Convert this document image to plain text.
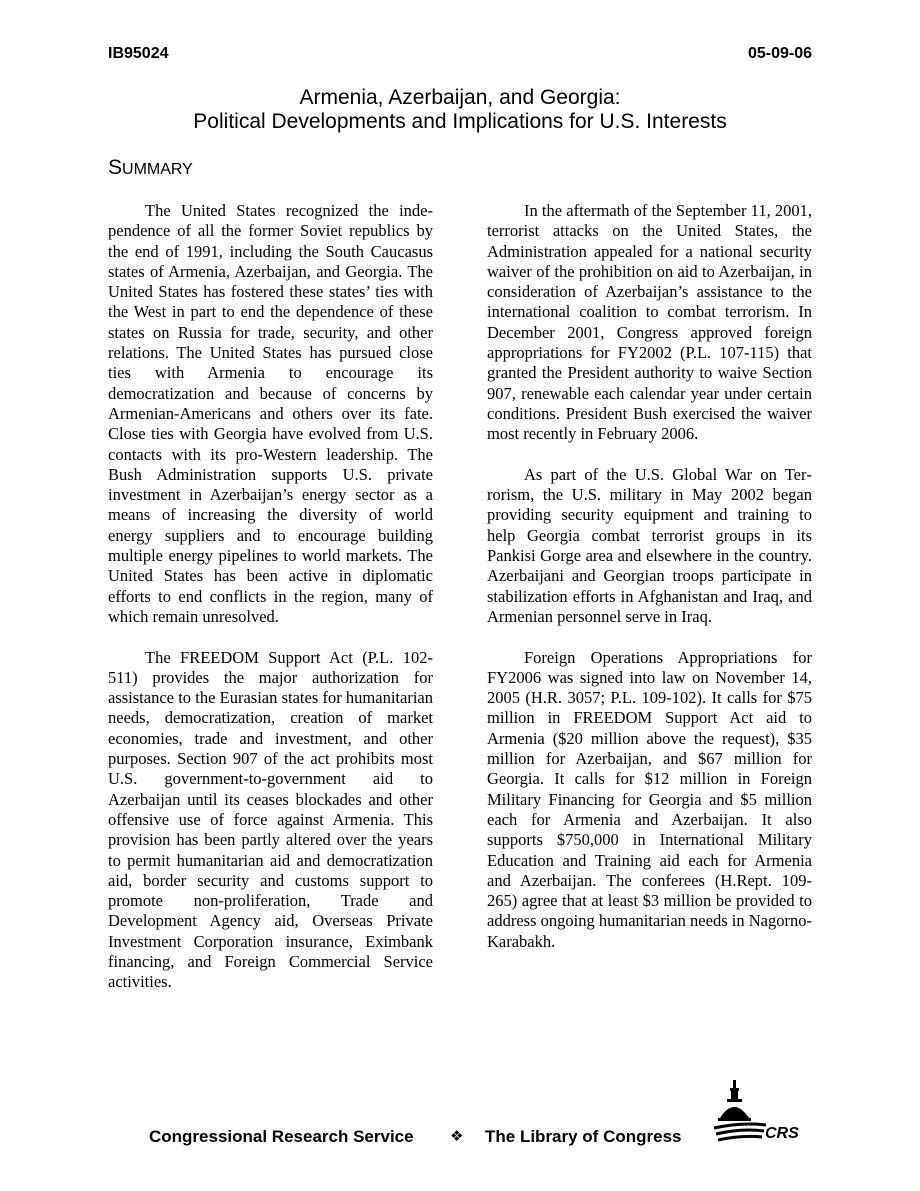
IB95024	05-09-06
Armenia, Azerbaijan, and Georgia:
Political Developments and Implications for U.S. Interests
SUMMARY

The United States recognized the independence of all the former Soviet republics by the end of 1991, including the South Caucasus states of Armenia, Azerbaijan, and Georgia. The United States has fostered these states’ ties with the West in part to end the dependence of these states on Russia for trade, security, and other relations. The United States has pursued close ties with Armenia to encourage its democratization and because of concerns by Armenian-Americans and others over its fate. Close ties with Georgia have evolved from U.S. contacts with its pro-Western leadership. The Bush Administration supports U.S. private investment in Azerbaijan’s energy sector as a means of increasing the diversity of world energy suppliers and to encourage building multiple energy pipelines to world markets. The United States has been active in diplomatic efforts to end conflicts in the region, many of which remain unresolved.

The FREEDOM Support Act (P.L. 102-511) provides the major authorization for assistance to the Eurasian states for humanitarian needs, democratization, creation of market economies, trade and investment, and other purposes. Section 907 of the act prohibits most U.S. government-to-government aid to Azerbaijan until its ceases blockades and other offensive use of force against Armenia. This provision has been partly altered over the years to permit humanitarian aid and democratization aid, border security and customs support to promote non-proliferation, Trade and Development Agency aid, Overseas Private Investment Corporation insurance, Eximbank financing, and Foreign Commercial Service activities.

In the aftermath of the September 11, 2001, terrorist attacks on the United States, the Administration appealed for a national security waiver of the prohibition on aid to Azerbaijan, in consideration of Azerbaijan’s assistance to the international coalition to combat terrorism. In December 2001, Congress approved foreign appropriations for FY2002 (P.L. 107-115) that granted the President authority to waive Section 907, renewable each calendar year under certain conditions. President Bush exercised the waiver most recently in February 2006.

As part of the U.S. Global War on Terrorism, the U.S. military in May 2002 began providing security equipment and training to help Georgia combat terrorist groups in its Pankisi Gorge area and elsewhere in the country. Azerbaijani and Georgian troops participate in stabilization efforts in Afghanistan and Iraq, and Armenian personnel serve in Iraq.

Foreign Operations Appropriations for FY2006 was signed into law on November 14, 2005 (H.R. 3057; P.L. 109-102). It calls for $75 million in FREEDOM Support Act aid to Armenia ($20 million above the request), $35 million for Azerbaijan, and $67 million for Georgia. It calls for $12 million in Foreign Military Financing for Georgia and $5 million each for Armenia and Azerbaijan. It also supports $750,000 in International Military Education and Training aid each for Armenia and Azerbaijan. The conferees (H.Rept. 109-265) agree that at least $3 million be provided to address ongoing humanitarian needs in Nagorno-Karabakh.

Congressional Research Service ❖ The Library of Congress	CRS
